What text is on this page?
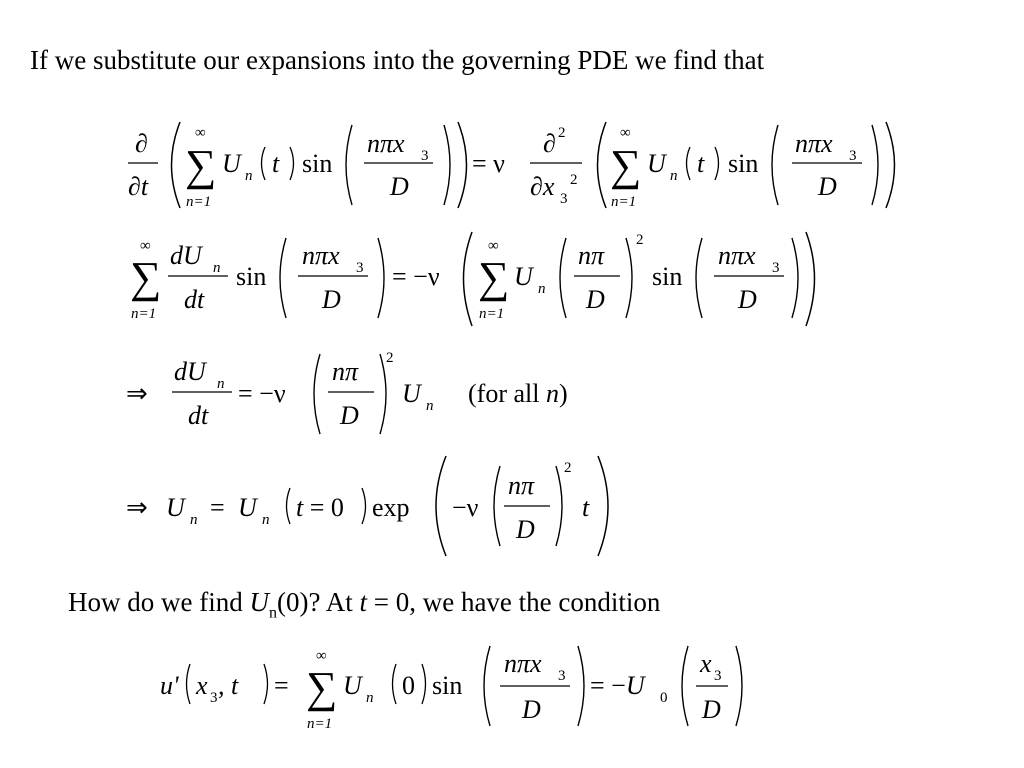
If we substitute our expansions into the governing PDE we find that
∂
∂t
∞
∑
n=1
U n t sin
nπx 3
D
= ν
∂ 2
∂x 3
2
∞
∑
n=1
U n t sin
nπx 3
D
∞
∑
n=1
dU n
dt
sin
nπx 3
D
= −ν
∞
∑
n=1
U n
nπ
D
2
sin
nπx 3
D
⇒
dU n
dt
= −ν
nπ
D
2
U n (for all n)
⇒ U n = U n t = 0 exp −ν
nπ
D
2
t
u' x 3 , t =
∞
∑
n=1
U n 0 sin
nπx 3
D
= −U 0
x 3
D
How do we find $U_n(0)$? At t = 0, we have the condition
